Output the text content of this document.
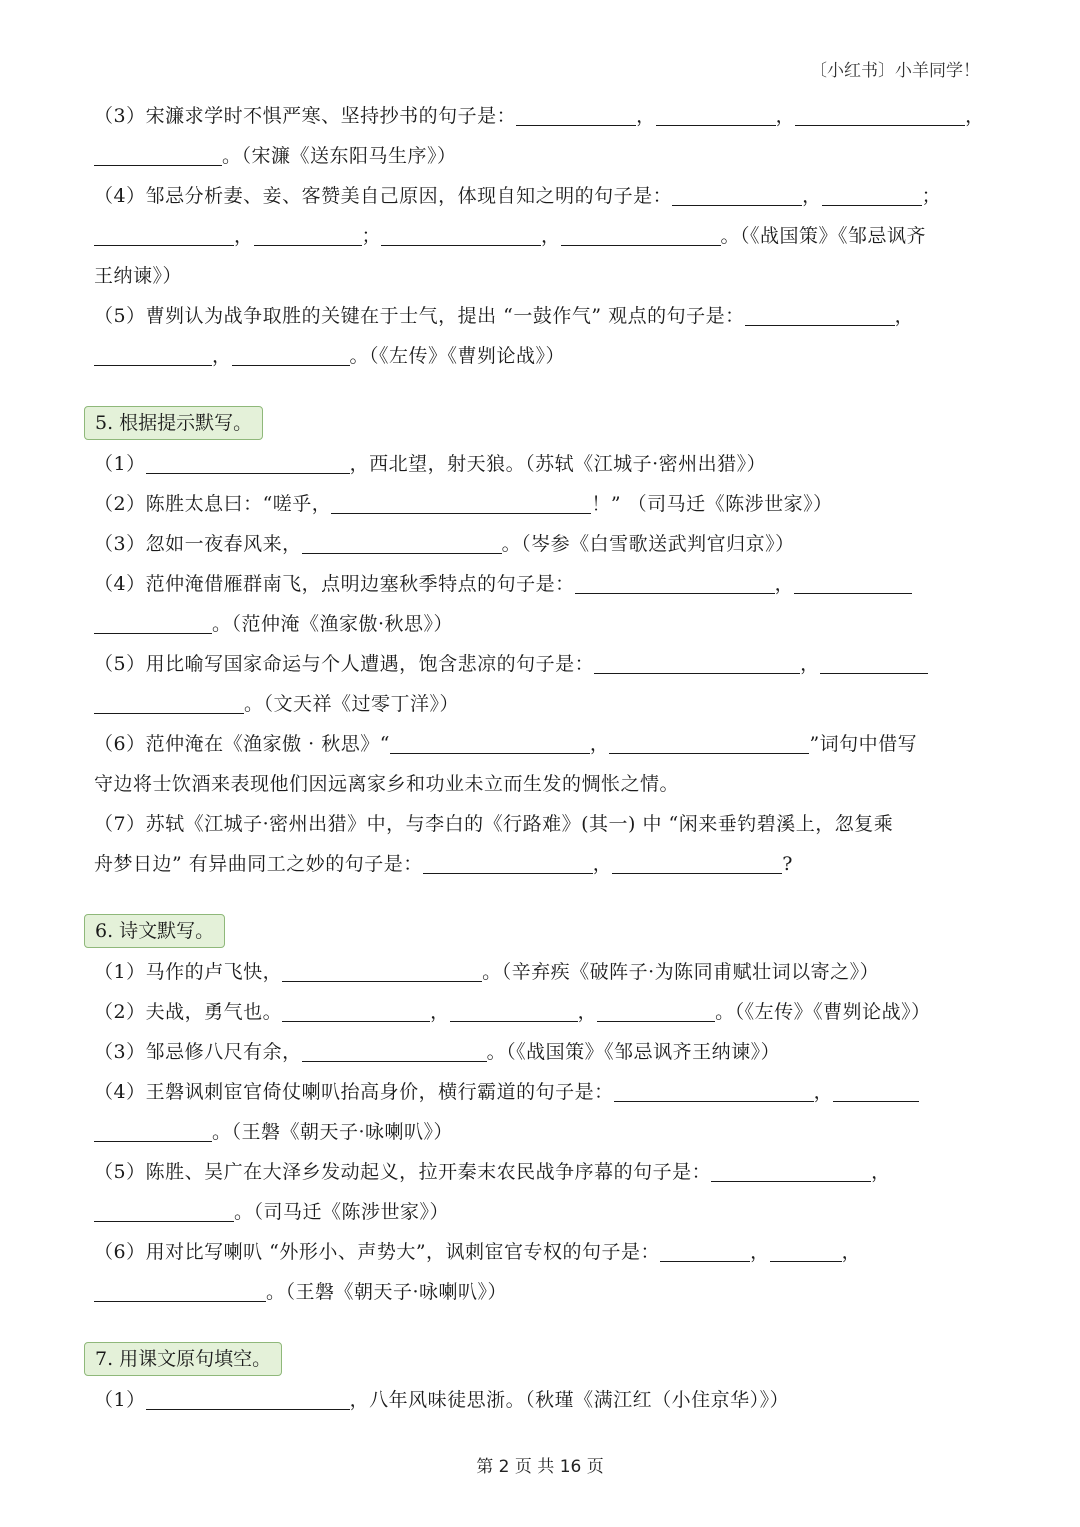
〔小红书〕小羊同学！
（3）宋濂求学时不惧严寒、坚持抄书的句子是：	，	，	，
。（宋濂《送东阳马生序》）
（4）邹忌分析妻、妾、客赞美自己原因，体现自知之明的句子是：	，	；
，	；	，	。（《战国策》《邹忌讽齐
王纳谏》）
（5）曹刿认为战争取胜的关键在于士气，提出 “一鼓作气” 观点的句子是：	，
，	。（《左传》《曹刿论战》）
5. 根据提示默写。
（1）	，西北望，射天狼。（苏轼《江城子·密州出猎》）
（2）陈胜太息曰：“嗟乎，	！” （司马迁《陈涉世家》）
（3）忽如一夜春风来，	。（岑参《白雪歌送武判官归京》）
（4）范仲淹借雁群南飞，点明边塞秋季特点的句子是：	，
。（范仲淹《渔家傲·秋思》）
（5）用比喻写国家命运与个人遭遇，饱含悲凉的句子是：	，
。（文天祥《过零丁洋》）
（6）范仲淹在《渔家傲 · 秋思》“	，	”词句中借写
守边将士饮酒来表现他们因远离家乡和功业未立而生发的惆怅之情。
（7）苏轼《江城子·密州出猎》中，与李白的《行路难》(其一) 中 “闲来垂钓碧溪上，忽复乘
舟梦日边” 有异曲同工之妙的句子是：	，	?
6. 诗文默写。
（1）马作的卢飞快，	。（辛弃疾《破阵子·为陈同甫赋壮词以寄之》）
（2）夫战，勇气也。	，	，	。（《左传》《曹刿论战》）
（3）邹忌修八尺有余，	。（《战国策》《邹忌讽齐王纳谏》）
（4）王磐讽刺宦官倚仗喇叭抬高身价，横行霸道的句子是：	，
。（王磐《朝天子·咏喇叭》）
（5）陈胜、吴广在大泽乡发动起义，拉开秦末农民战争序幕的句子是：	，
。（司马迁《陈涉世家》）
（6）用对比写喇叭 “外形小、声势大”，讽刺宦官专权的句子是：	，	，
。（王磐《朝天子·咏喇叭》）
7. 用课文原句填空。
（1）	，八年风味徒思浙。（秋瑾《满江红（小住京华）》）
第 2 页 共 16 页
